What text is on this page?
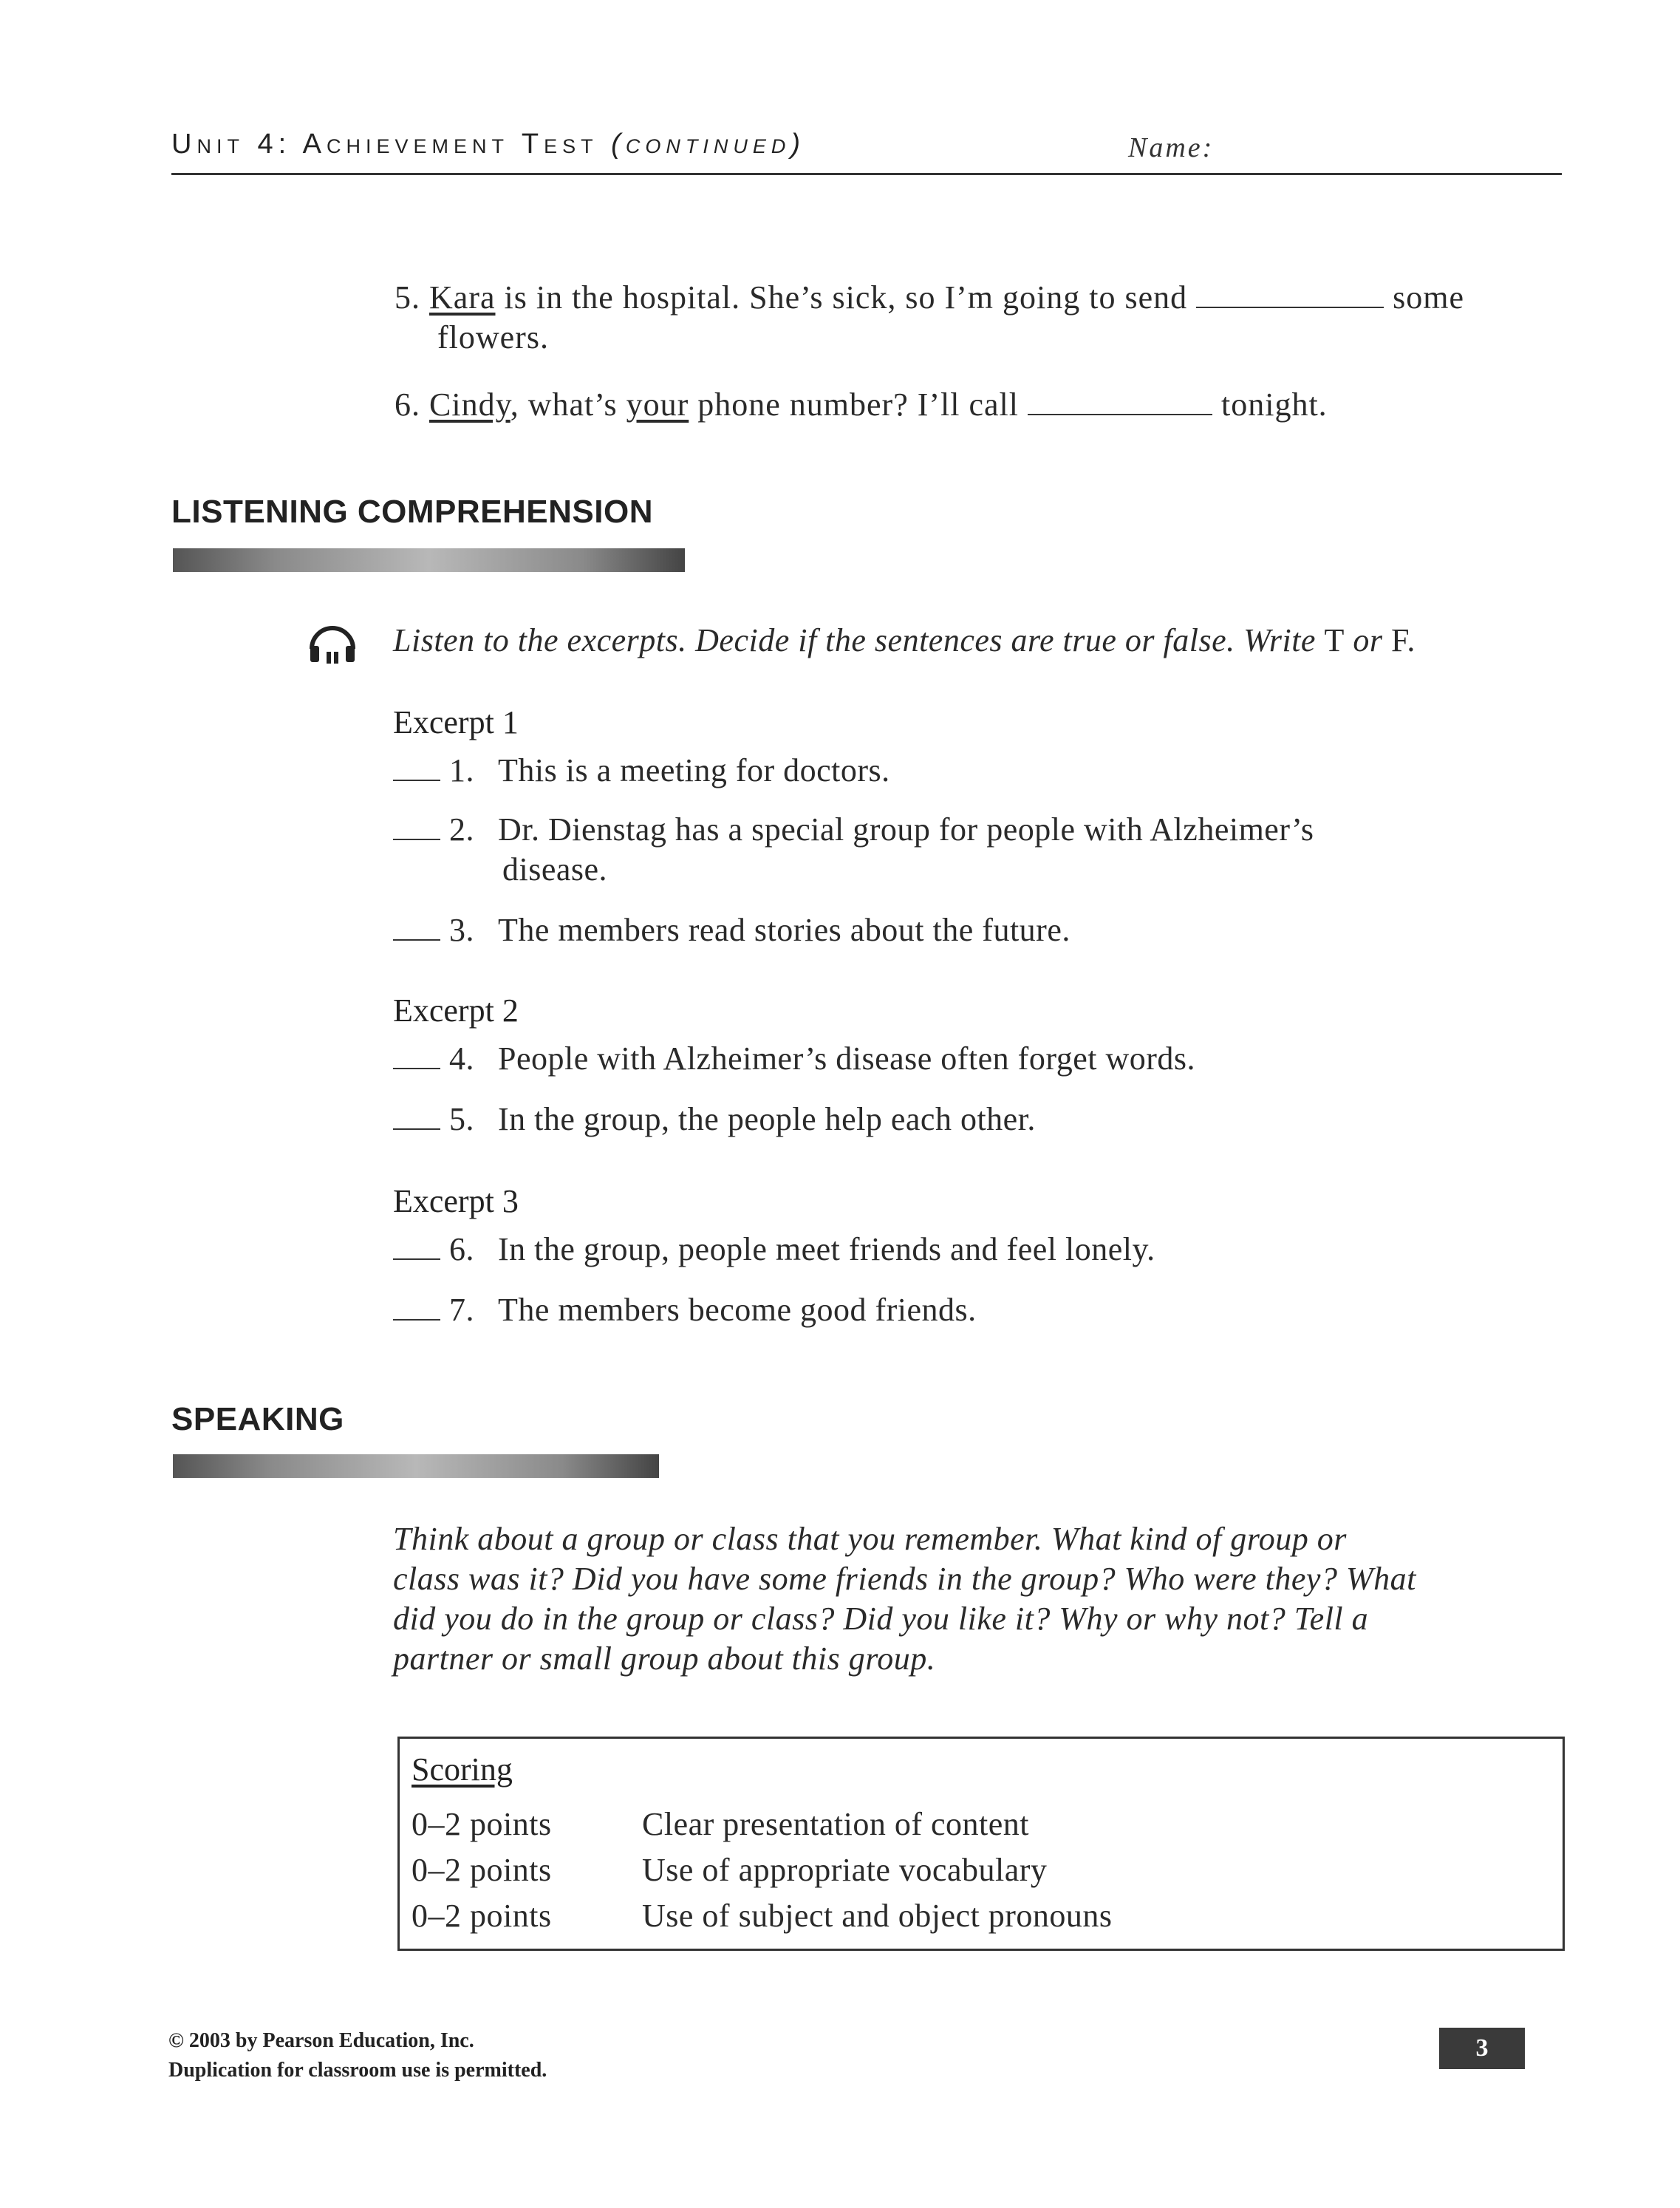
Unit 4: Achievement Test (continued)	Name:
5. Kara is in the hospital. She’s sick, so I’m going to send	some
flowers.
6. Cindy, what’s your phone number? I’ll call	tonight.
LISTENING COMPREHENSION
Listen to the excerpts. Decide if the sentences are true or false. Write T or F.
Excerpt 1
1. This is a meeting for doctors.
2. Dr. Dienstag has a special group for people with Alzheimer’s
disease.
3. The members read stories about the future.
Excerpt 2
4. People with Alzheimer’s disease often forget words.
5. In the group, the people help each other.
Excerpt 3
6. In the group, people meet friends and feel lonely.
7. The members become good friends.
SPEAKING
Think about a group or class that you remember. What kind of group or
class was it? Did you have some friends in the group? Who were they? What
did you do in the group or class? Did you like it? Why or why not? Tell a
partner or small group about this group.
Scoring
0–2 points	Clear presentation of content
0–2 points	Use of appropriate vocabulary
0–2 points	Use of subject and object pronouns
© 2003 by Pearson Education, Inc.
Duplication for classroom use is permitted.
3
